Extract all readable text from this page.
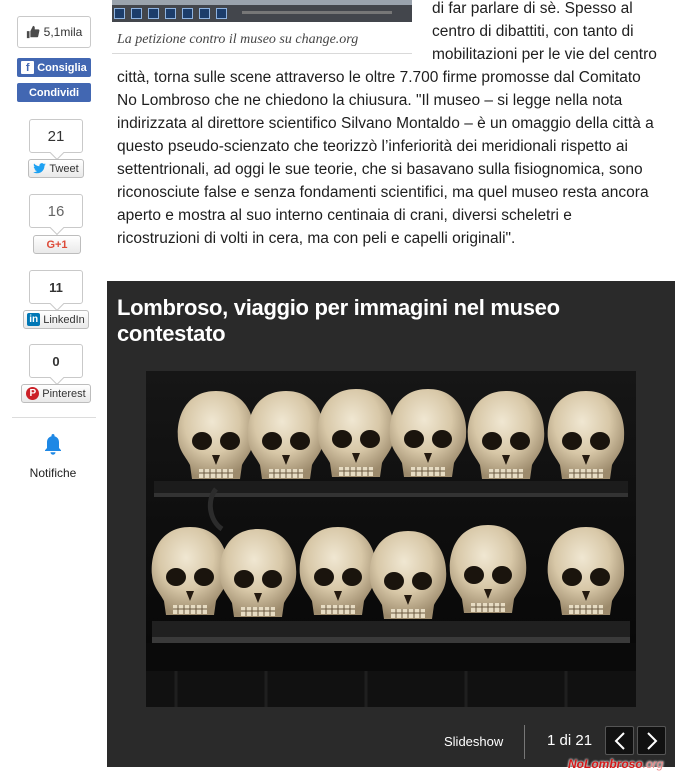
5,1mila
f Consiglia
Condividi
21
Tweet
16
G+1
11
in LinkedIn
0
P Pinterest
Notifiche
La petizione contro il museo su change.org
di far parlare di sè. Spesso al
centro di dibattiti, con tanto di
mobilitazioni per le vie del centro
città, torna sulle scene attraverso le oltre 7.700 firme promosse dal Comitato
No Lombroso che ne chiedono la chiusura. "Il museo – si legge nella nota
indirizzata al direttore scientifico Silvano Montaldo – è un omaggio della città a
questo pseudo-scienzato che teorizzò l’inferiorità dei meridionali rispetto ai
settentrionali, ad oggi le sue teorie, che si basavano sulla fisiognomica, sono
riconosciute false e senza fondamenti scientifici, ma quel museo resta ancora
aperto e mostra al suo interno centinaia di crani, diversi scheletri e
ricostruzioni di volti in cera, ma con peli e capelli originali".
Lombroso, viaggio per immagini nel museo contestato
Slideshow	1 di 21
NoLombroso.org
